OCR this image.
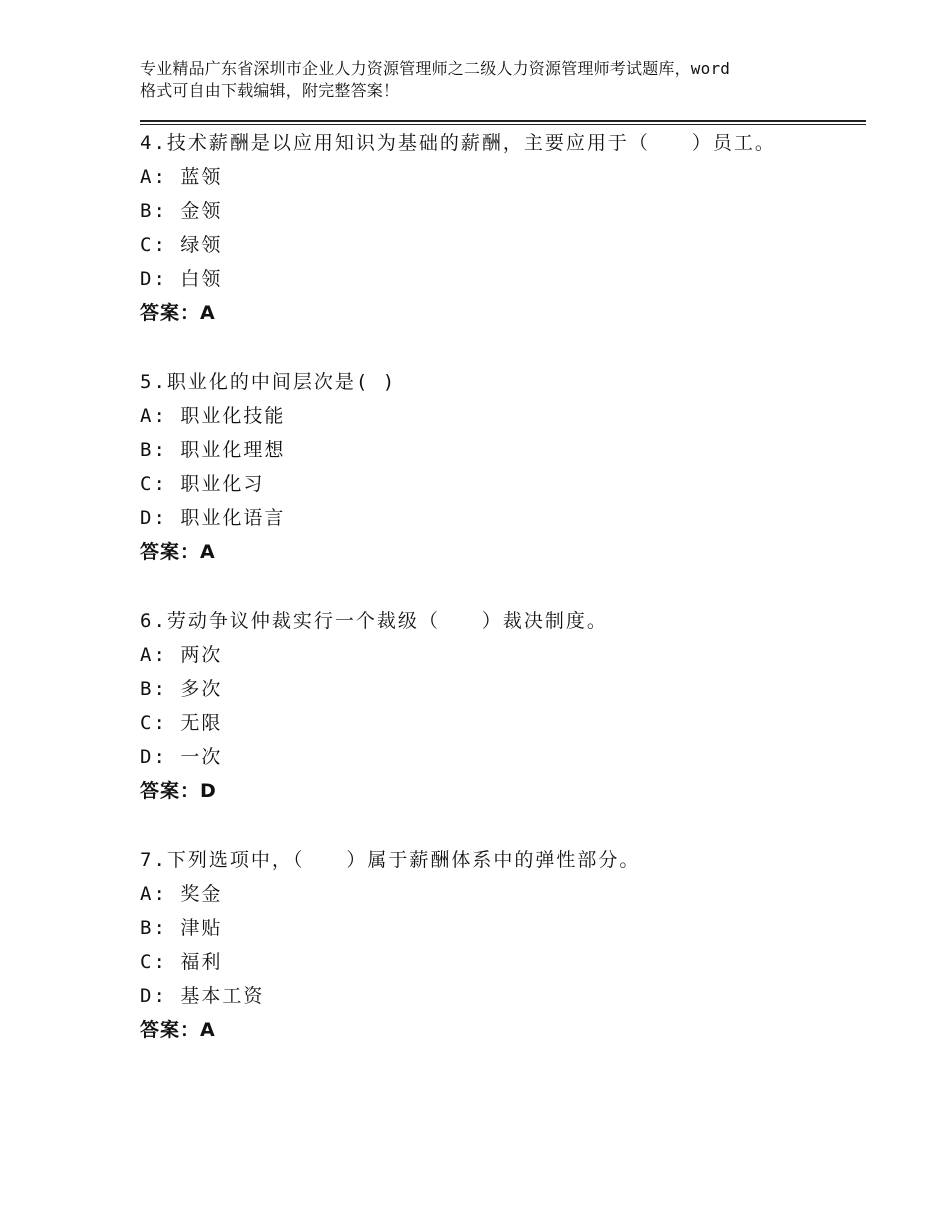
专业精品广东省深圳市企业人力资源管理师之二级人力资源管理师考试题库，word
格式可自由下载编辑，附完整答案！
4.技术薪酬是以应用知识为基础的薪酬，主要应用于（　　）员工。
A: 蓝领
B: 金领
C: 绿领
D: 白领
答案：A
5.职业化的中间层次是( )
A: 职业化技能
B: 职业化理想
C: 职业化习
D: 职业化语言
答案：A
6.劳动争议仲裁实行一个裁级（　　）裁决制度。
A: 两次
B: 多次
C: 无限
D: 一次
答案：D
7.下列选项中，（　　）属于薪酬体系中的弹性部分。
A: 奖金
B: 津贴
C: 福利
D: 基本工资
答案：A
